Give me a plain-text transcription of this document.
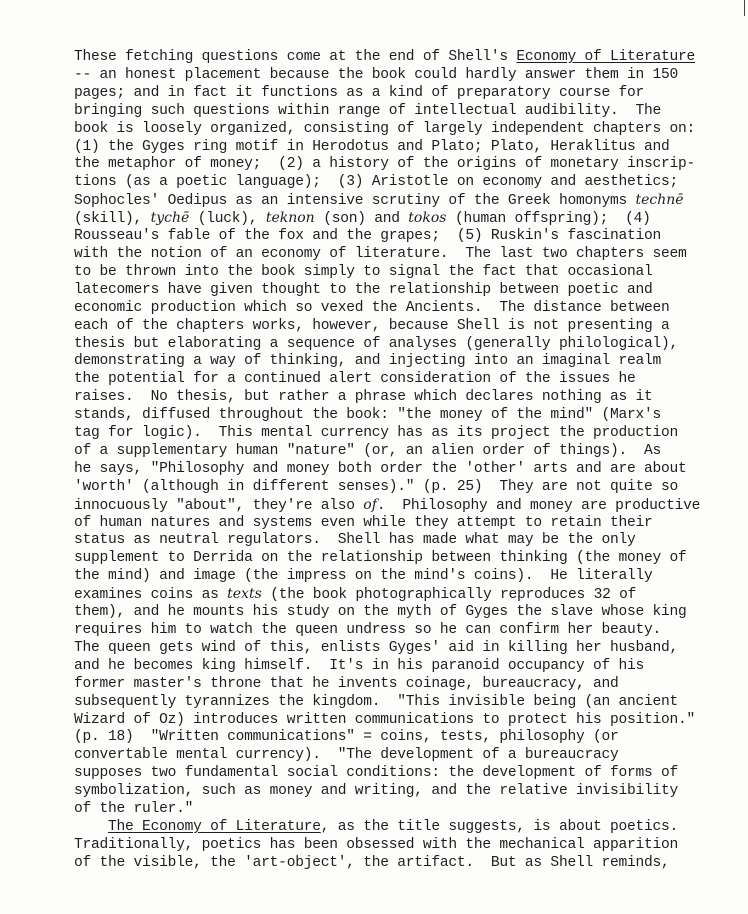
These fetching questions come at the end of Shell's Economy of Literature
-- an honest placement because the book could hardly answer them in 150
pages; and in fact it functions as a kind of preparatory course for
bringing such questions within range of intellectual audibility.  The
book is loosely organized, consisting of largely independent chapters on:
(1) the Gyges ring motif in Herodotus and Plato; Plato, Heraklitus and
the metaphor of money;  (2) a history of the origins of monetary inscrip-
tions (as a poetic language);  (3) Aristotle on economy and aesthetics;
Sophocles' Oedipus as an intensive scrutiny of the Greek homonyms technē
(skill), tychē (luck), teknon (son) and tokos (human offspring);  (4)
Rousseau's fable of the fox and the grapes;  (5) Ruskin's fascination
with the notion of an economy of literature.  The last two chapters seem
to be thrown into the book simply to signal the fact that occasional
latecomers have given thought to the relationship between poetic and
economic production which so vexed the Ancients.  The distance between
each of the chapters works, however, because Shell is not presenting a
thesis but elaborating a sequence of analyses (generally philological),
demonstrating a way of thinking, and injecting into an imaginal realm
the potential for a continued alert consideration of the issues he
raises.  No thesis, but rather a phrase which declares nothing as it
stands, diffused throughout the book: "the money of the mind" (Marx's
tag for logic).  This mental currency has as its project the production
of a supplementary human "nature" (or, an alien order of things).  As
he says, "Philosophy and money both order the 'other' arts and are about
'worth' (although in different senses)." (p. 25)  They are not quite so
innocuously "about", they're also of.  Philosophy and money are productive
of human natures and systems even while they attempt to retain their
status as neutral regulators.  Shell has made what may be the only
supplement to Derrida on the relationship between thinking (the money of
the mind) and image (the impress on the mind's coins).  He literally
examines coins as texts (the book photographically reproduces 32 of
them), and he mounts his study on the myth of Gyges the slave whose king
requires him to watch the queen undress so he can confirm her beauty.
The queen gets wind of this, enlists Gyges' aid in killing her husband,
and he becomes king himself.  It's in his paranoid occupancy of his
former master's throne that he invents coinage, bureaucracy, and
subsequently tyrannizes the kingdom.  "This invisible being (an ancient
Wizard of Oz) introduces written communications to protect his position."
(p. 18)  "Written communications" = coins, tests, philosophy (or
convertable mental currency).  "The development of a bureaucracy
supposes two fundamental social conditions: the development of forms of
symbolization, such as money and writing, and the relative invisibility
of the ruler."
The Economy of Literature, as the title suggests, is about poetics.
Traditionally, poetics has been obsessed with the mechanical apparition
of the visible, the 'art-object', the artifact.  But as Shell reminds,
